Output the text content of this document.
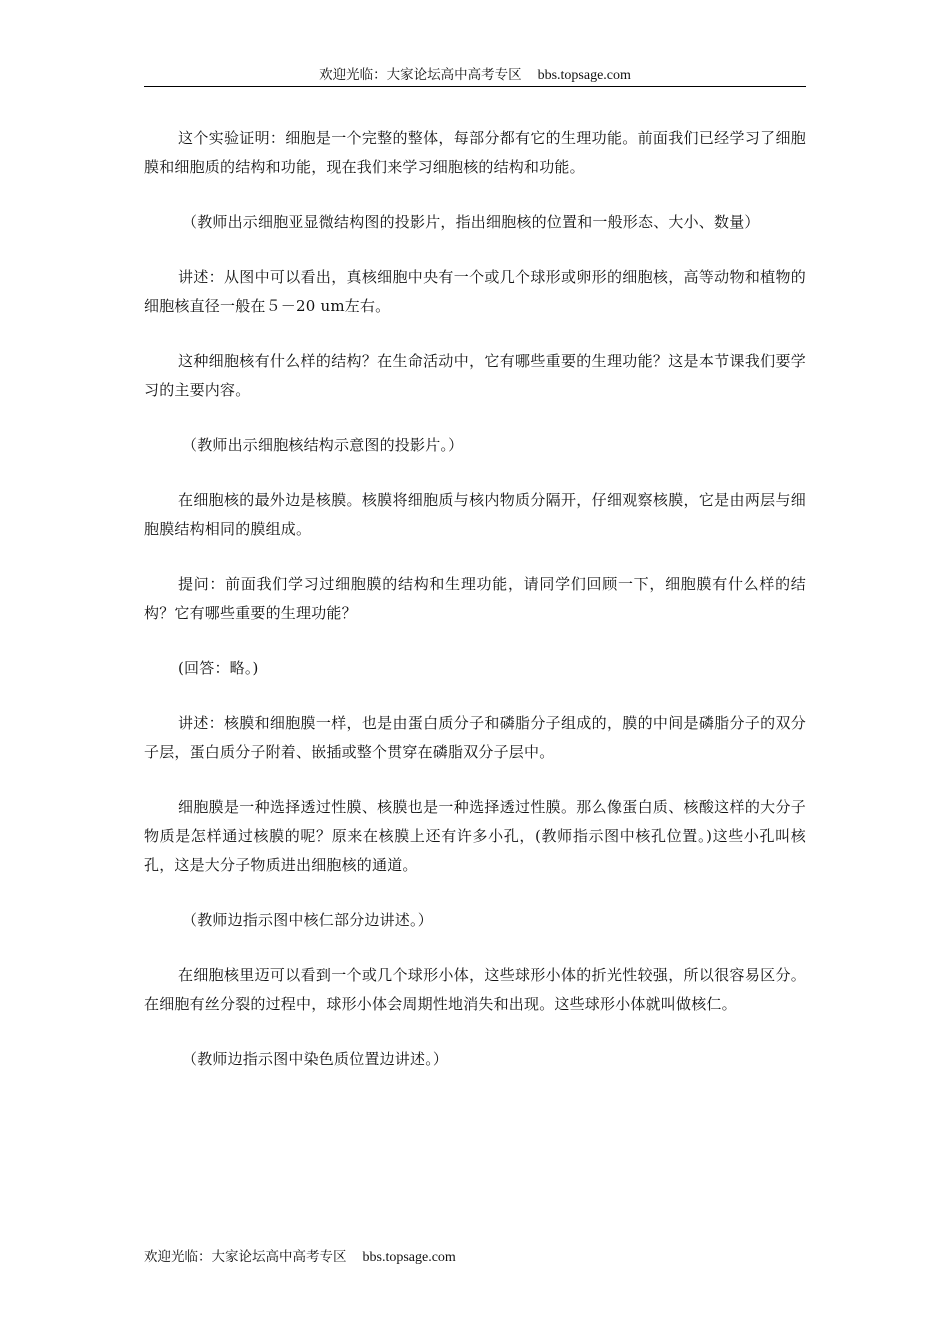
欢迎光临：大家论坛高中高考专区 bbs.topsage.com

这个实验证明：细胞是一个完整的整体，每部分都有它的生理功能。前面我们已经学习了细胞膜和细胞质的结构和功能，现在我们来学习细胞核的结构和功能。

（教师出示细胞亚显微结构图的投影片，指出细胞核的位置和一般形态、大小、数量）

讲述：从图中可以看出，真核细胞中央有一个或几个球形或卵形的细胞核，高等动物和植物的细胞核直径一般在５－20 um左右。

这种细胞核有什么样的结构？在生命活动中，它有哪些重要的生理功能？这是本节课我们要学习的主要内容。

（教师出示细胞核结构示意图的投影片。）

在细胞核的最外边是核膜。核膜将细胞质与核内物质分隔开，仔细观察核膜，它是由两层与细胞膜结构相同的膜组成。

提问：前面我们学习过细胞膜的结构和生理功能，请同学们回顾一下，细胞膜有什么样的结构？它有哪些重要的生理功能？

(回答：略。)

讲述：核膜和细胞膜一样，也是由蛋白质分子和磷脂分子组成的，膜的中间是磷脂分子的双分子层，蛋白质分子附着、嵌插或整个贯穿在磷脂双分子层中。

细胞膜是一种选择透过性膜、核膜也是一种选择透过性膜。那么像蛋白质、核酸这样的大分子物质是怎样通过核膜的呢？原来在核膜上还有许多小孔，(教师指示图中核孔位置。)这些小孔叫核孔，这是大分子物质进出细胞核的通道。

（教师边指示图中核仁部分边讲述。）

在细胞核里迈可以看到一个或几个球形小体，这些球形小体的折光性较强，所以很容易区分。在细胞有丝分裂的过程中，球形小体会周期性地消失和出现。这些球形小体就叫做核仁。

（教师边指示图中染色质位置边讲述。）

欢迎光临：大家论坛高中高考专区 bbs.topsage.com
